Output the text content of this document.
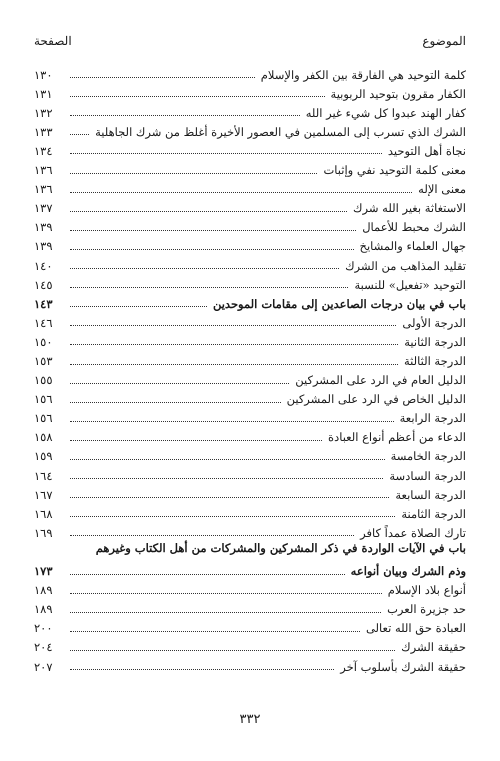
الموضوع
الصفحة
كلمة التوحيد هي الفارقة بين الكفر والإسلام
١٣٠
الكفار مقرون بتوحيد الربوبية
١٣١
كفار الهند عبدوا كل شيء غير الله
١٣٢
الشرك الذي تسرب إلى المسلمين في العصور الأخيرة أغلظ من شرك الجاهلية
١٣٣
نجاة أهل التوحيد
١٣٤
معنى كلمة التوحيد نفي وإثبات
١٣٦
معنى الإله
١٣٦
الاستغاثة بغير الله شرك
١٣٧
الشرك محبط للأعمال
١٣٩
جهال العلماء والمشايخ
١٣٩
تقليد المذاهب من الشرك
١٤٠
التوحيد «تفعيل» للنسبة
١٤٥
باب في بيان درجات الصاعدين إلى مقامات الموحدين
١٤٣
الدرجة الأولى
١٤٦
الدرجة الثانية
١٥٠
الدرجة الثالثة
١٥٣
الدليل العام في الرد على المشركين
١٥٥
الدليل الخاص في الرد على المشركين
١٥٦
الدرجة الرابعة
١٥٦
الدعاء من أعظم أنواع العبادة
١٥٨
الدرجة الخامسة
١٥٩
الدرجة السادسة
١٦٤
الدرجة السابعة
١٦٧
الدرجة الثامنة
١٦٨
تارك الصلاة عمداً كافر
١٦٩
باب في الآيات الواردة في ذكر المشركين والمشركات من أهل الكتاب وغيرهم
وذم الشرك وبيان أنواعه
١٧٣
أنواع بلاد الإسلام
١٨٩
حد جزيرة العرب
١٨٩
العبادة حق الله تعالى
٢٠٠
حقيقة الشرك
٢٠٤
حقيقة الشرك بأسلوب آخر
٢٠٧
٣٣٢
